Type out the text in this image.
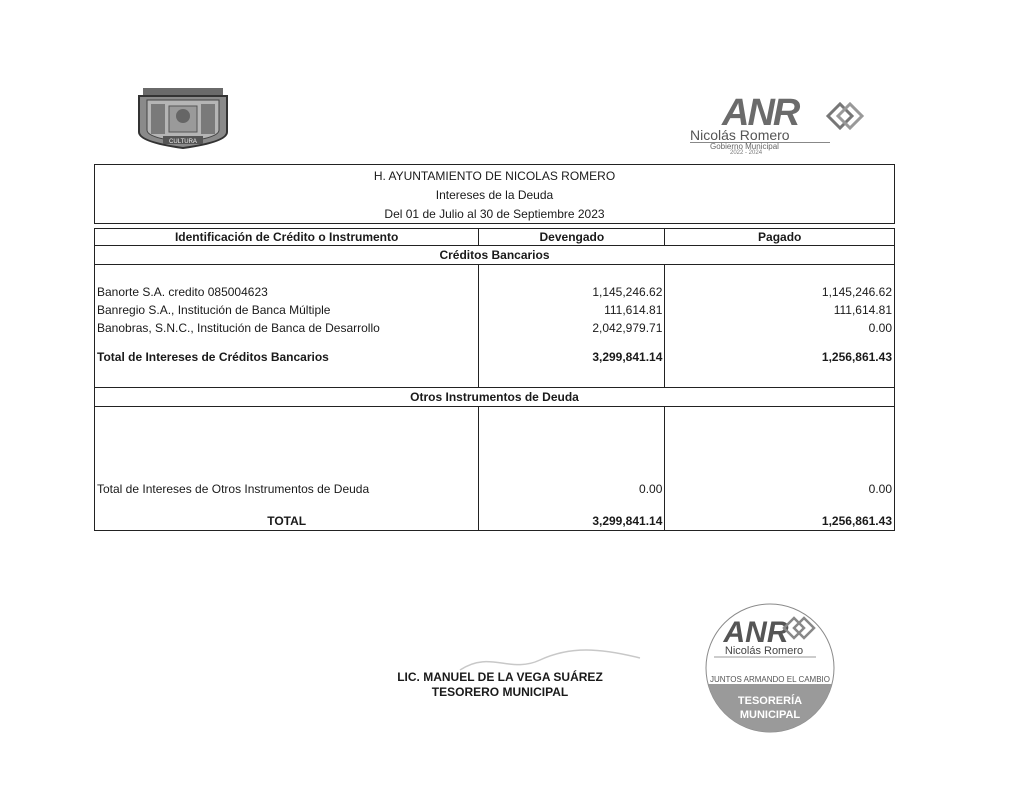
CULTURA
ANR
Nicolás Romero
Gobierno Municipal
2022 - 2024
H. AYUNTAMIENTO DE NICOLAS ROMERO
Intereses de la Deuda
Del 01 de Julio al 30 de Septiembre 2023
Identificación de Crédito o Instrumento	Devengado	Pagado
Créditos Bancarios		

Banorte S.A. credito 085004623	1,145,246.62	1,145,246.62
Banregio S.A., Institución de Banca Múltiple	111,614.81	111,614.81
Banobras, S.N.C., Institución de Banca de Desarrollo	2,042,979.71	0.00

Total de Intereses de Créditos Bancarios	3,299,841.14	1,256,861.43

Otros Instrumentos de Deuda		

Total de Intereses de Otros Instrumentos de Deuda	0.00	0.00

TOTAL	3,299,841.14	1,256,861.43
LIC. MANUEL DE LA VEGA SUÁREZ
TESORERO MUNICIPAL
ANR
Nicolás Romero
JUNTOS ARMANDO EL CAMBIO
TESORERÍA
MUNICIPAL
